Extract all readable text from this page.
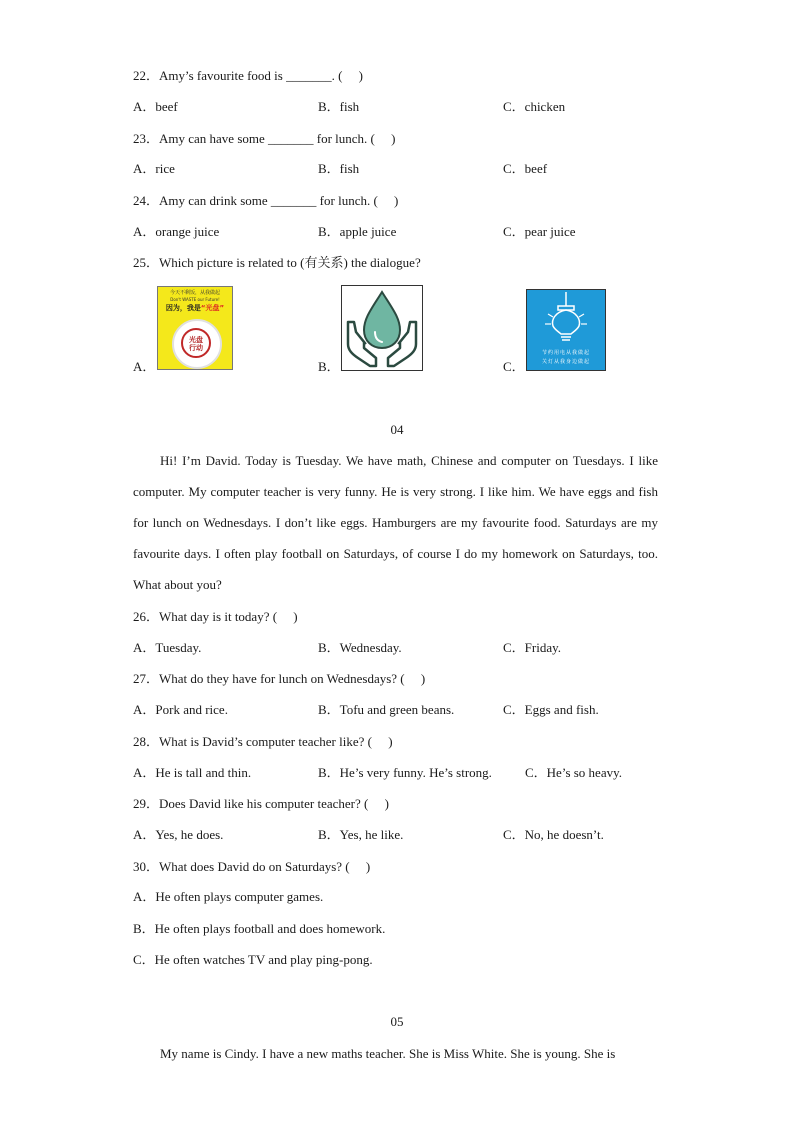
22．Amy’s favourite food is _______. (　 )
A．beef	B．fish	C．chicken
23．Amy can have some _______ for lunch. (　 )
A．rice	B．fish	C．beef
24．Amy can drink some _______ for lunch. (　 )
A．orange juice	B．apple juice	C．pear juice
25．Which picture is related to (有关系) the dialogue?
A．	B．	C．
今天不剩饭，从我做起
Don't WASTE our Future!
因为，我是“光盘”
光盘
行动
节约用电从我做起
关灯从我身边做起
04
Hi! I’m David. Today is Tuesday. We have math, Chinese and computer on Tuesdays. I like computer. My computer teacher is very funny. He is very strong. I like him. We have eggs and fish for lunch on Wednesdays. I don’t like eggs. Hamburgers are my favourite food. Saturdays are my favourite days. I often play football on Saturdays, of course I do my homework on Saturdays, too. What about you?
26．What day is it today? (　 )
A．Tuesday.	B．Wednesday.	C．Friday.
27．What do they have for lunch on Wednesdays? (　 )
A．Pork and rice.	B．Tofu and green beans.	C．Eggs and fish.
28．What is David’s computer teacher like? (　 )
A．He is tall and thin.	B．He’s very funny. He’s strong.	C．He’s so heavy.
29．Does David like his computer teacher? (　 )
A．Yes, he does.	B．Yes, he like.	C．No, he doesn’t.
30．What does David do on Saturdays? (　 )
A．He often plays computer games.
B．He often plays football and does homework.
C．He often watches TV and play ping-pong.
05
My name is Cindy. I have a new maths teacher. She is Miss White. She is young. She is
